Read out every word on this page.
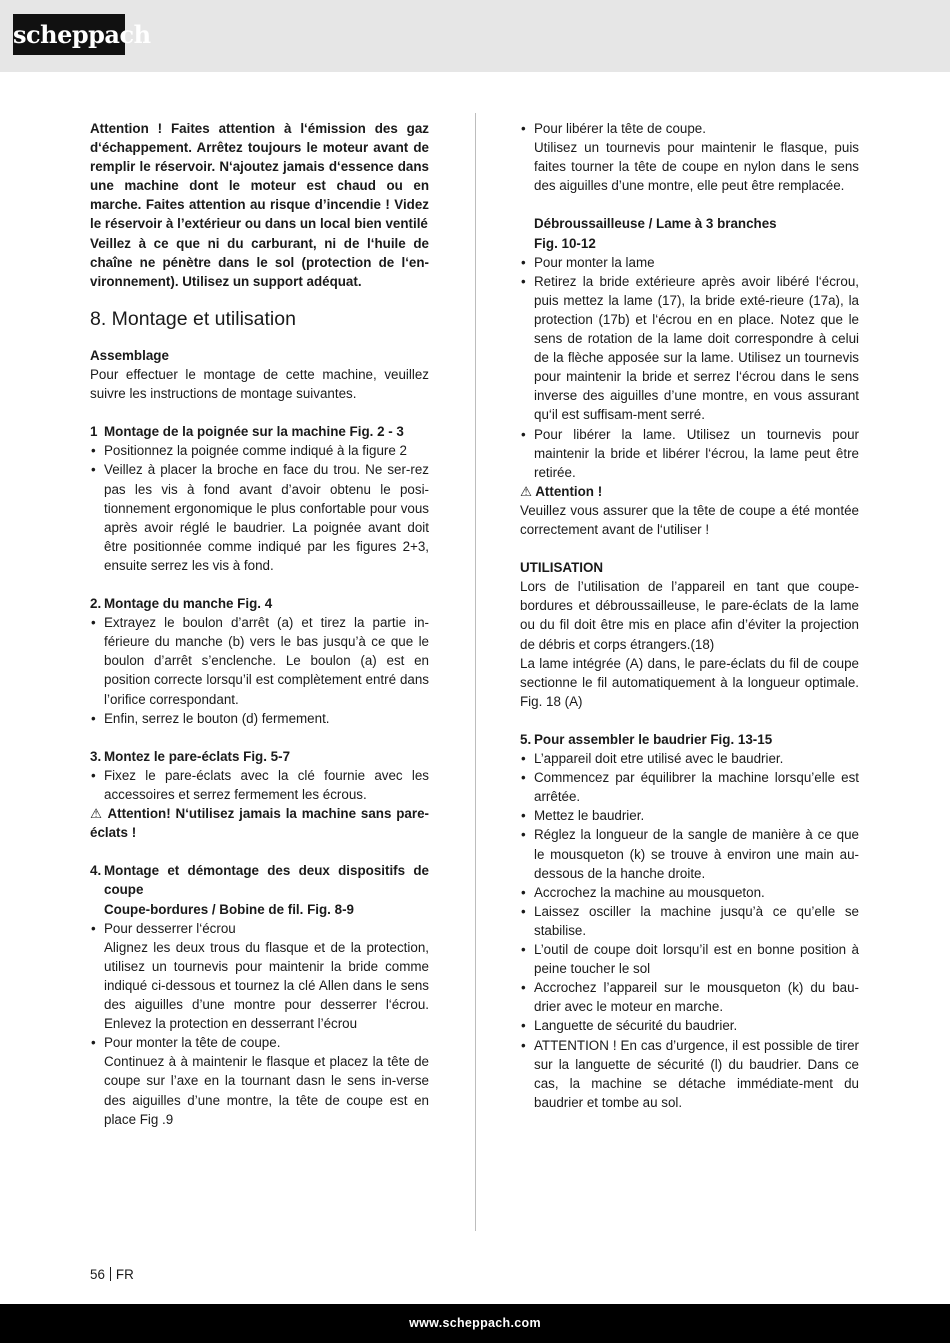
scheppach

Attention ! Faites attention à l‘émission des gaz d‘échappement. Arrêtez toujours le moteur avant de remplir le réservoir. N‘ajoutez jamais d‘essence dans une machine dont le moteur est chaud ou en marche. Faites attention au risque d’incendie ! Videz le réservoir à l’extérieur ou dans un local bien ventilé

Veillez à ce que ni du carburant, ni de l‘huile de chaîne ne pénètre dans le sol (protection de l‘en-vironnement). Utilisez un support adéquat.

8. Montage et utilisation

Assemblage

Pour effectuer le montage de cette machine, veuillez suivre les instructions de montage suivantes.

1 Montage de la poignée sur la machine Fig. 2 - 3
• Positionnez la poignée comme indiqué à la figure 2
• Veillez à placer la broche en face du trou. Ne ser-rez pas les vis à fond avant d’avoir obtenu le posi-tionnement ergonomique le plus confortable pour vous après avoir réglé le baudrier. La poignée avant doit être positionnée comme indiqué par les figures 2+3, ensuite serrez les vis à fond.
2. Montage du manche Fig. 4
• Extrayez le boulon d’arrêt (a) et tirez la partie in-férieure du manche (b) vers le bas jusqu’à ce que le boulon d’arrêt s’enclenche. Le boulon (a) est en position correcte lorsqu’il est complètement entré dans l’orifice correspondant.
• Enfin, serrez le bouton (d) fermement.
3. Montez le pare-éclats Fig. 5-7
• Fixez le pare-éclats avec la clé fournie avec les accessoires et serrez fermement les écrous.

⚠ Attention! N‘utilisez jamais la machine sans pare-éclats !

4. Montage et démontage des deux dispositifs de coupe

Coupe-bordures / Bobine de fil. Fig. 8-9

• Pour desserrer l‘écrou

Alignez les deux trous du flasque et de la protection, utilisez un tournevis pour maintenir la bride comme indiqué ci-dessous et tournez la clé Allen dans le sens des aiguilles d’une montre pour desserrer l‘écrou. Enlevez la protection en desserrant l’écrou

• Pour monter la tête de coupe.

Continuez à à maintenir le flasque et placez la tête de coupe sur l’axe en la tournant dasn le sens in-verse des aiguilles d’une montre, la tête de coupe est en place Fig .9

• Pour libérer la tête de coupe.

Utilisez un tournevis pour maintenir le flasque, puis faites tourner la tête de coupe en nylon dans le sens des aiguilles d’une montre, elle peut être remplacée.

Débroussailleuse / Lame à 3 branches

Fig. 10-12

• Pour monter la lame
• Retirez la bride extérieure après avoir libéré l‘écrou, puis mettez la lame (17), la bride exté-rieure (17a), la protection (17b) et l‘écrou en en place. Notez que le sens de rotation de la lame doit correspondre à celui de la flèche apposée sur la lame. Utilisez un tournevis pour maintenir la bride et serrez l‘écrou dans le sens inverse des aiguilles d’une montre, en vous assurant qu‘il est suffisam-ment serré.
• Pour libérer la lame. Utilisez un tournevis pour maintenir la bride et libérer l‘écrou, la lame peut être retirée.

⚠ Attention !

Veuillez vous assurer que la tête de coupe a été montée correctement avant de l‘utiliser !

UTILISATION

Lors de l’utilisation de l’appareil en tant que coupe-bordures et débroussailleuse, le pare-éclats de la lame ou du fil doit être mis en place afin d’éviter la projection de débris et corps étrangers.(18)

La lame intégrée (A) dans, le pare-éclats du fil de coupe sectionne le fil automatiquement à la longueur optimale. Fig. 18 (A)

5. Pour assembler le baudrier Fig. 13-15
• L’appareil doit etre utilisé avec le baudrier.
• Commencez par équilibrer la machine lorsqu’elle est arrêtée.
• Mettez le baudrier.
• Réglez la longueur de la sangle de manière à ce que le mousqueton (k) se trouve à environ une main au-dessous de la hanche droite.
• Accrochez la machine au mousqueton.
• Laissez osciller la machine jusqu’à ce qu’elle se stabilise.
• L’outil de coupe doit lorsqu’il est en bonne position à peine toucher le sol
• Accrochez l’appareil sur le mousqueton (k) du bau-drier avec le moteur en marche.
• Languette de sécurité du baudrier.
• ATTENTION ! En cas d’urgence, il est possible de tirer sur la languette de sécurité (l) du baudrier. Dans ce cas, la machine se détache immédiate-ment du baudrier et tombe au sol.
56 FR
www.scheppach.com
